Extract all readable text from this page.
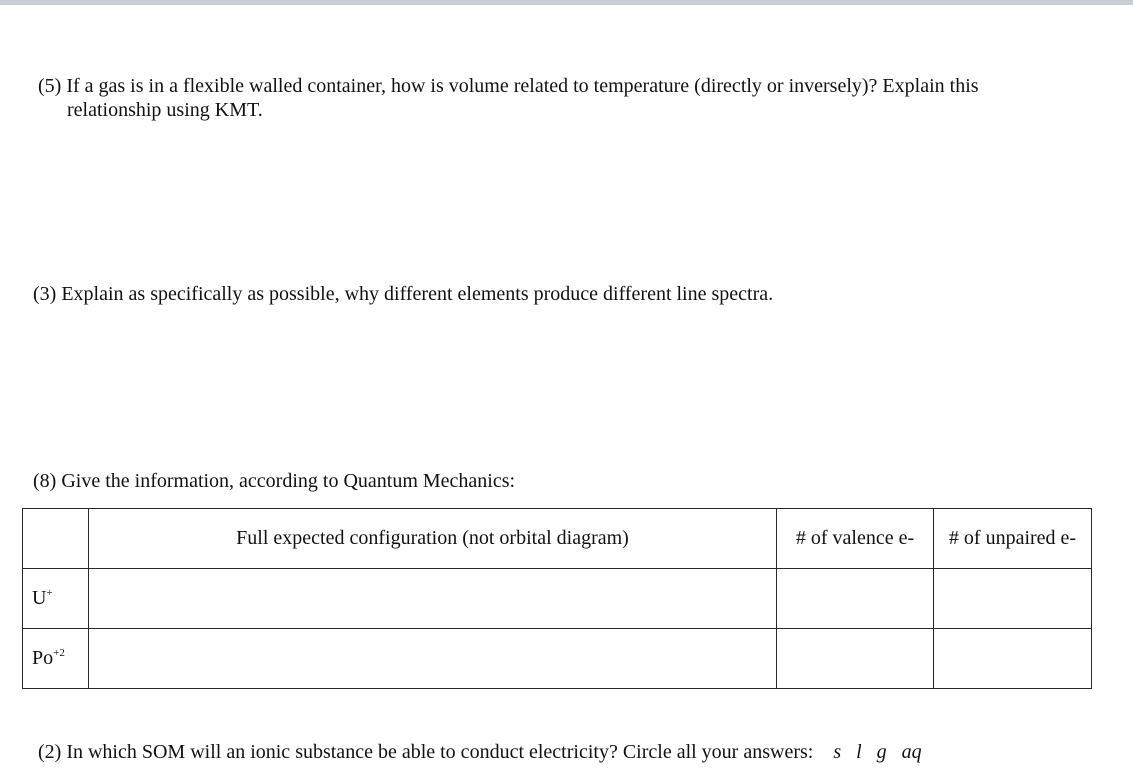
(5) If a gas is in a flexible walled container, how is volume related to temperature (directly or inversely)? Explain this
relationship using KMT.
(3) Explain as specifically as possible, why different elements produce different line spectra.
(8) Give the information, according to Quantum Mechanics:
	Full expected configuration (not orbital diagram)	# of valence e-	# of unpaired e-
U+			
$Po^{+2}$			
(2) In which SOM will an ionic substance be able to conduct electricity? Circle all your answers: s l g aq
